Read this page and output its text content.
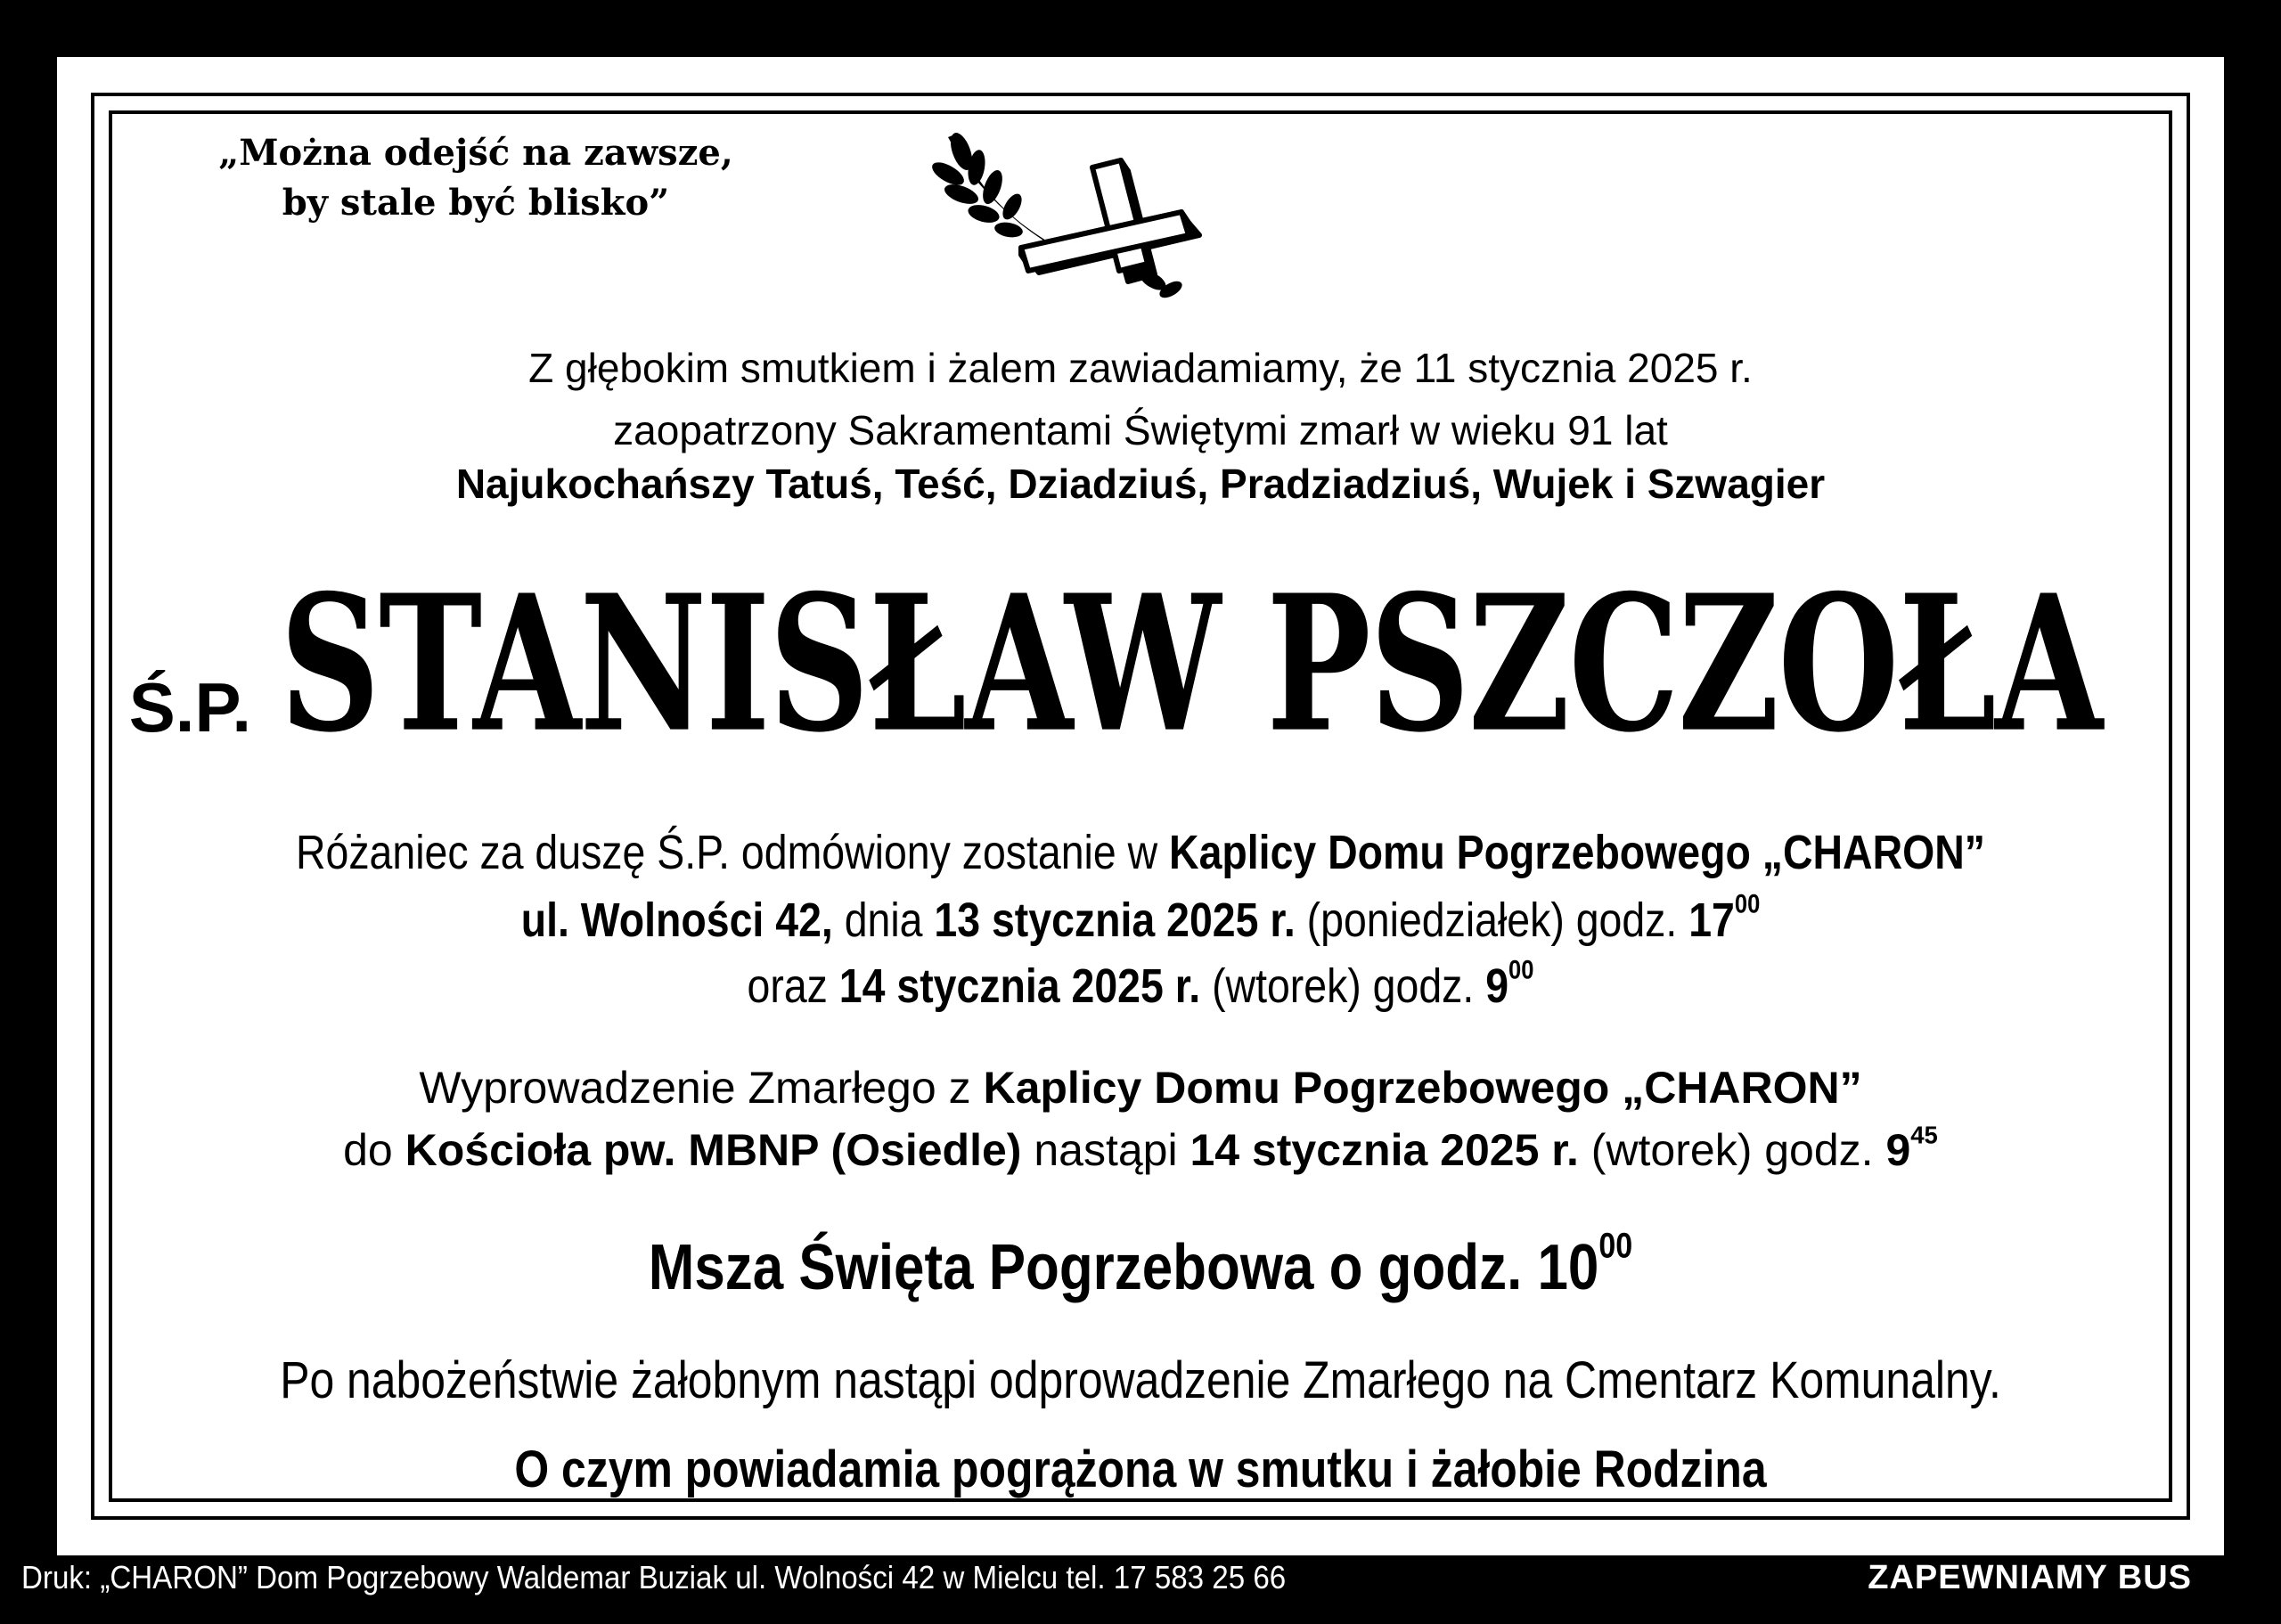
„Można odejść na zawsze,
by stale być blisko”
Z głębokim smutkiem i żalem zawiadamiamy, że 11 stycznia 2025 r.
zaopatrzony Sakramentami Świętymi zmarł w wieku 91 lat
Najukochańszy Tatuś, Teść, Dziadziuś, Pradziadziuś, Wujek i Szwagier
Ś.P. STANISŁAW PSZCZOŁA
Różaniec za duszę Ś.P. odmówiony zostanie w Kaplicy Domu Pogrzebowego „CHARON”
ul. Wolności 42, dnia 13 stycznia 2025 r. (poniedziałek) godz. $17^{00}$
oraz 14 stycznia 2025 r. (wtorek) godz. $9^{00}$
Wyprowadzenie Zmarłego z Kaplicy Domu Pogrzebowego „CHARON”
do Kościoła pw. MBNP (Osiedle) nastąpi 14 stycznia 2025 r. (wtorek) godz. $9^{45}$
Msza Święta Pogrzebowa o godz. $10^{00}$
Po nabożeństwie żałobnym nastąpi odprowadzenie Zmarłego na Cmentarz Komunalny.
O czym powiadamia pogrążona w smutku i żałobie Rodzina
Druk: „CHARON” Dom Pogrzebowy Waldemar Buziak ul. Wolności 42 w Mielcu tel. 17 583 25 66	ZAPEWNIAMY BUS
